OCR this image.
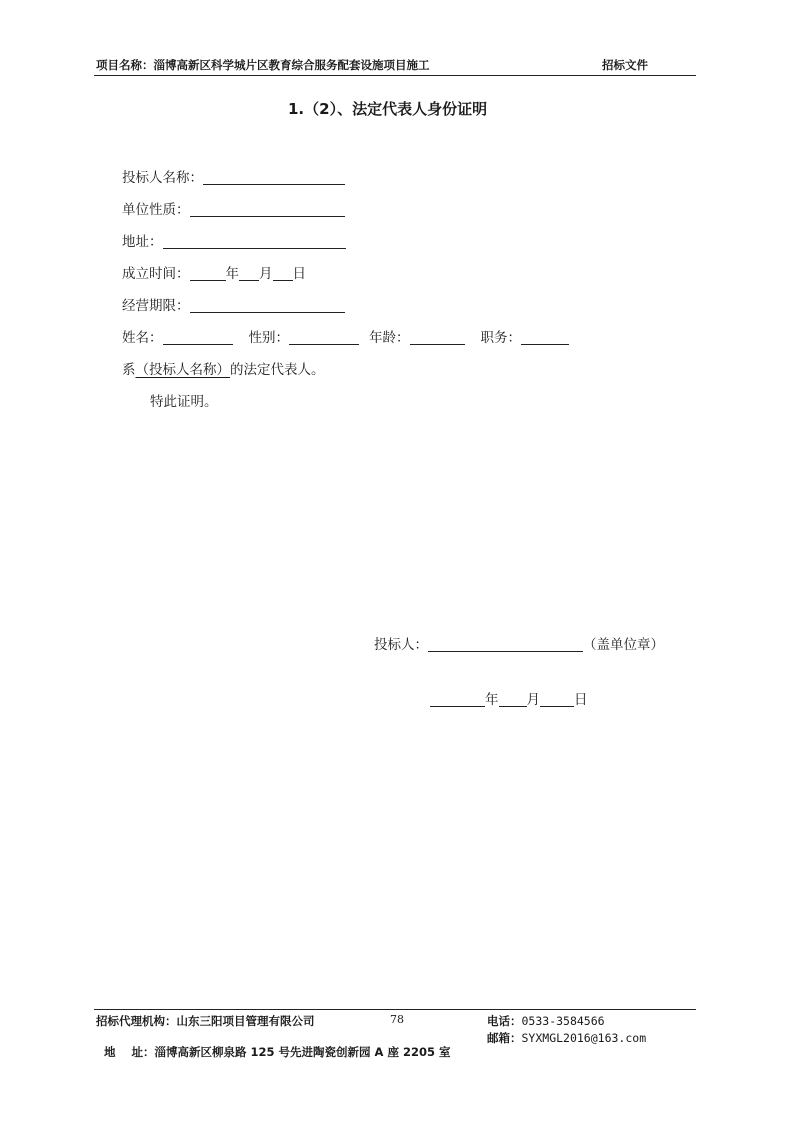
项目名称：淄博高新区科学城片区教育综合服务配套设施项目施工	招标文件
1.（2）、法定代表人身份证明
投标人名称：
单位性质：
地址：
成立时间：	年 月 日
经营期限：
姓名：	性别：	年龄：	职务：
系（投标人名称）的法定代表人。
特此证明。
投标人：	（盖单位章）
年 月	日
招标代理机构：山东三阳项目管理有限公司	78	电话：0533-3584566

地    址：淄博高新区柳泉路 125 号先进陶瓷创新园 A 座 2205 室

邮箱：SYXMGL2016@163.com
